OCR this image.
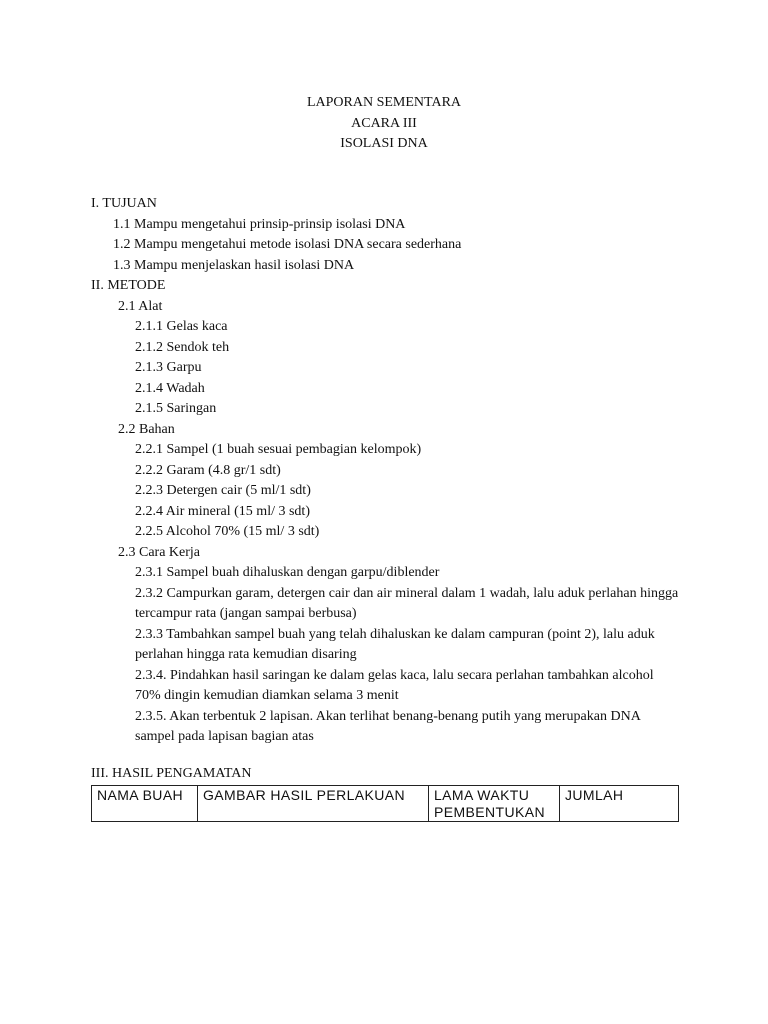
LAPORAN SEMENTARA
ACARA III
ISOLASI DNA
I. TUJUAN
1.1 Mampu mengetahui prinsip-prinsip isolasi DNA
1.2 Mampu mengetahui metode isolasi DNA secara sederhana
1.3 Mampu menjelaskan hasil isolasi DNA
II. METODE
2.1 Alat
2.1.1 Gelas kaca
2.1.2 Sendok teh
2.1.3 Garpu
2.1.4 Wadah
2.1.5 Saringan
2.2 Bahan
2.2.1 Sampel (1 buah sesuai pembagian kelompok)
2.2.2 Garam (4.8 gr/1 sdt)
2.2.3 Detergen cair (5 ml/1 sdt)
2.2.4 Air mineral (15 ml/ 3 sdt)
2.2.5 Alcohol 70% (15 ml/ 3 sdt)
2.3 Cara Kerja
2.3.1 Sampel buah dihaluskan dengan garpu/diblender
2.3.2 Campurkan garam, detergen cair dan air mineral dalam 1 wadah, lalu aduk perlahan hingga tercampur rata (jangan sampai berbusa)
2.3.3 Tambahkan sampel buah yang telah dihaluskan ke dalam campuran (point 2), lalu aduk perlahan hingga rata kemudian disaring
2.3.4. Pindahkan hasil saringan ke dalam gelas kaca, lalu secara perlahan tambahkan alcohol 70% dingin kemudian diamkan selama 3 menit
2.3.5. Akan terbentuk 2 lapisan. Akan terlihat benang-benang putih yang merupakan DNA sampel pada lapisan bagian atas
III. HASIL PENGAMATAN
NAMA BUAH	GAMBAR HASIL PERLAKUAN	LAMA WAKTU PEMBENTUKAN	JUMLAH
